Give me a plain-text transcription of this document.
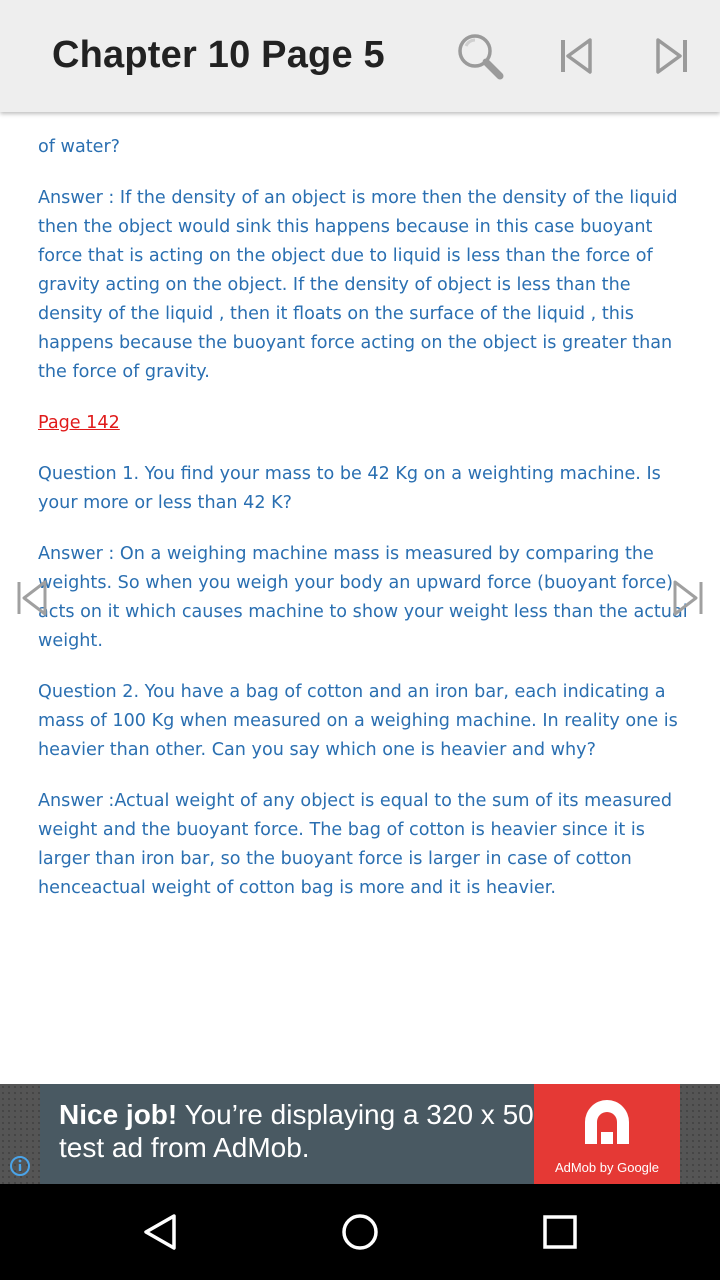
Chapter 10 Page 5

of water?

Answer : If the density of an object is more then the density of the liquid then the object would sink this happens because in this case buoyant force that is acting on the object due to liquid is less than the force of gravity acting on the object. If the density of object is less than the density of the liquid , then it floats on the surface of the liquid , this happens because the buoyant force acting on the object is greater than the force of gravity.

Page 142

Question 1. You find your mass to be 42 Kg on a weighting machine. Is your more or less than 42 K?

Answer : On a weighing machine mass is measured by comparing the weights. So when you weigh your body an upward force (buoyant force) acts on it which causes machine to show your weight less than the actual weight.

Question 2. You have a bag of cotton and an iron bar, each indicating a mass of 100 Kg when measured on a weighing machine. In reality one is heavier than other. Can you say which one is heavier and why?

Answer :Actual weight of any object is equal to the sum of its measured weight and the buoyant force. The bag of cotton is heavier since it is larger than iron bar, so the buoyant force is larger in case of cotton henceactual weight of cotton bag is more and it is heavier.

Nice job! You’re displaying a 320 x 50 test ad from AdMob.
AdMob by Google
